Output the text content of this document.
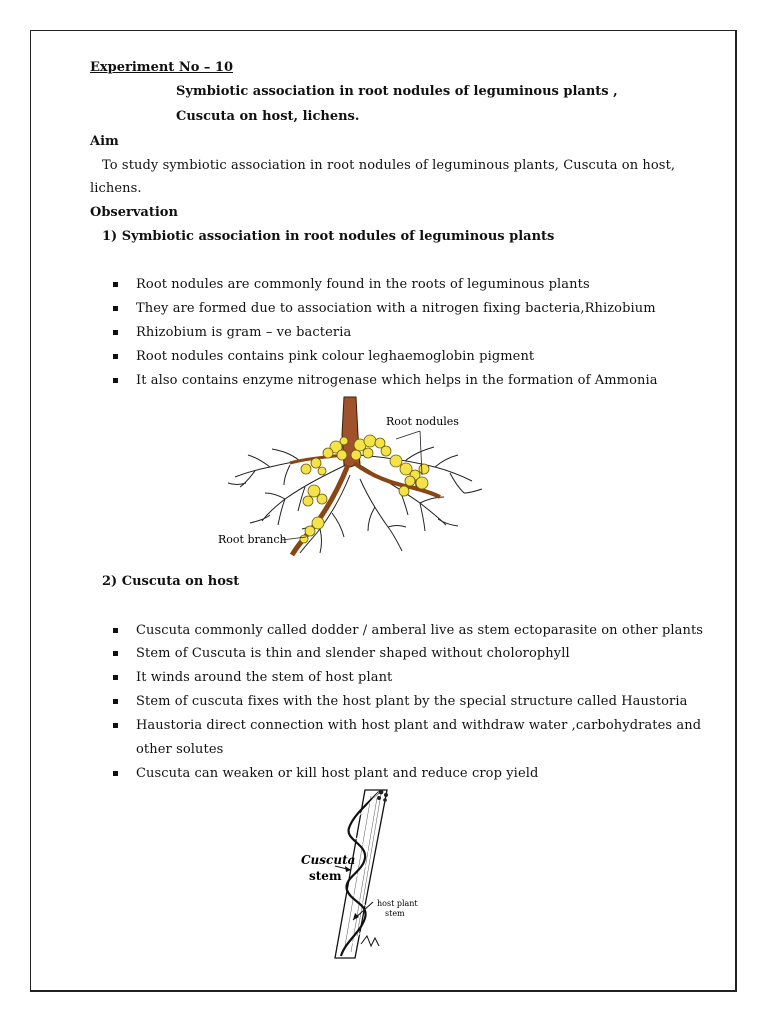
Experiment No – 10
Symbiotic association in root nodules of leguminous plants ,
Cuscuta on host, lichens.
Aim
To study symbiotic association in root nodules of leguminous plants, Cuscuta on host,
lichens.
Observation
1) Symbiotic association in root nodules of leguminous plants
Root nodules are commonly found in the roots of leguminous plants
They are formed due to association with a nitrogen fixing bacteria,Rhizobium
Rhizobium is gram – ve bacteria
Root nodules contains pink colour leghaemoglobin pigment
It also contains enzyme nitrogenase which helps in the formation of Ammonia
Root nodules
Root branch
2) Cuscuta on host
Cuscuta commonly called dodder / amberal live as stem ectoparasite on other plants
Stem of Cuscuta is thin and slender shaped without cholorophyll
It winds around the stem of host plant
Stem of cuscuta fixes with the host plant by the special structure called Haustoria
Haustoria direct connection with host plant and withdraw water ,carbohydrates and
other solutes
Cuscuta can weaken or kill host plant and reduce crop yield
Cuscuta
stem
host plant
stem
